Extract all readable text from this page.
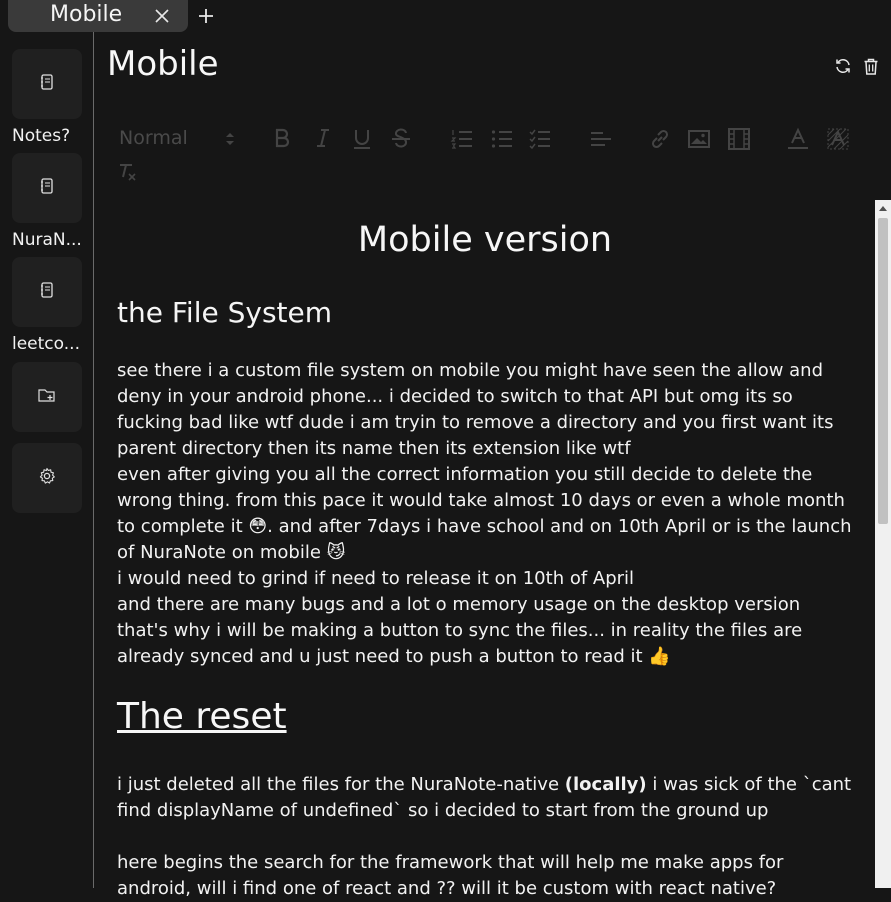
Mobile
Notes?
NuraN...
leetco...
Mobile
Normal
Mobile version
the File System
see there i a custom file system on mobile you might have seen the allow and
deny in your android phone... i decided to switch to that API but omg its so
fucking bad like wtf dude i am tryin to remove a directory and you first want its
parent directory then its name then its extension like wtf
even after giving you all the correct information you still decide to delete the
wrong thing. from this pace it would take almost 10 days or even a whole month
to complete it 😳. and after 7days i have school and on 10th April or is the launch
of NuraNote on mobile 😼
i would need to grind if need to release it on 10th of April
and there are many bugs and a lot o memory usage on the desktop version
that's why i will be making a button to sync the files... in reality the files are
already synced and u just need to push a button to read it 👍
The reset
i just deleted all the files for the NuraNote-native (locally) i was sick of the `cant
find displayName of undefined` so i decided to start from the ground up
here begins the search for the framework that will help me make apps for
android, will i find one of react and ?? will it be custom with react native?
